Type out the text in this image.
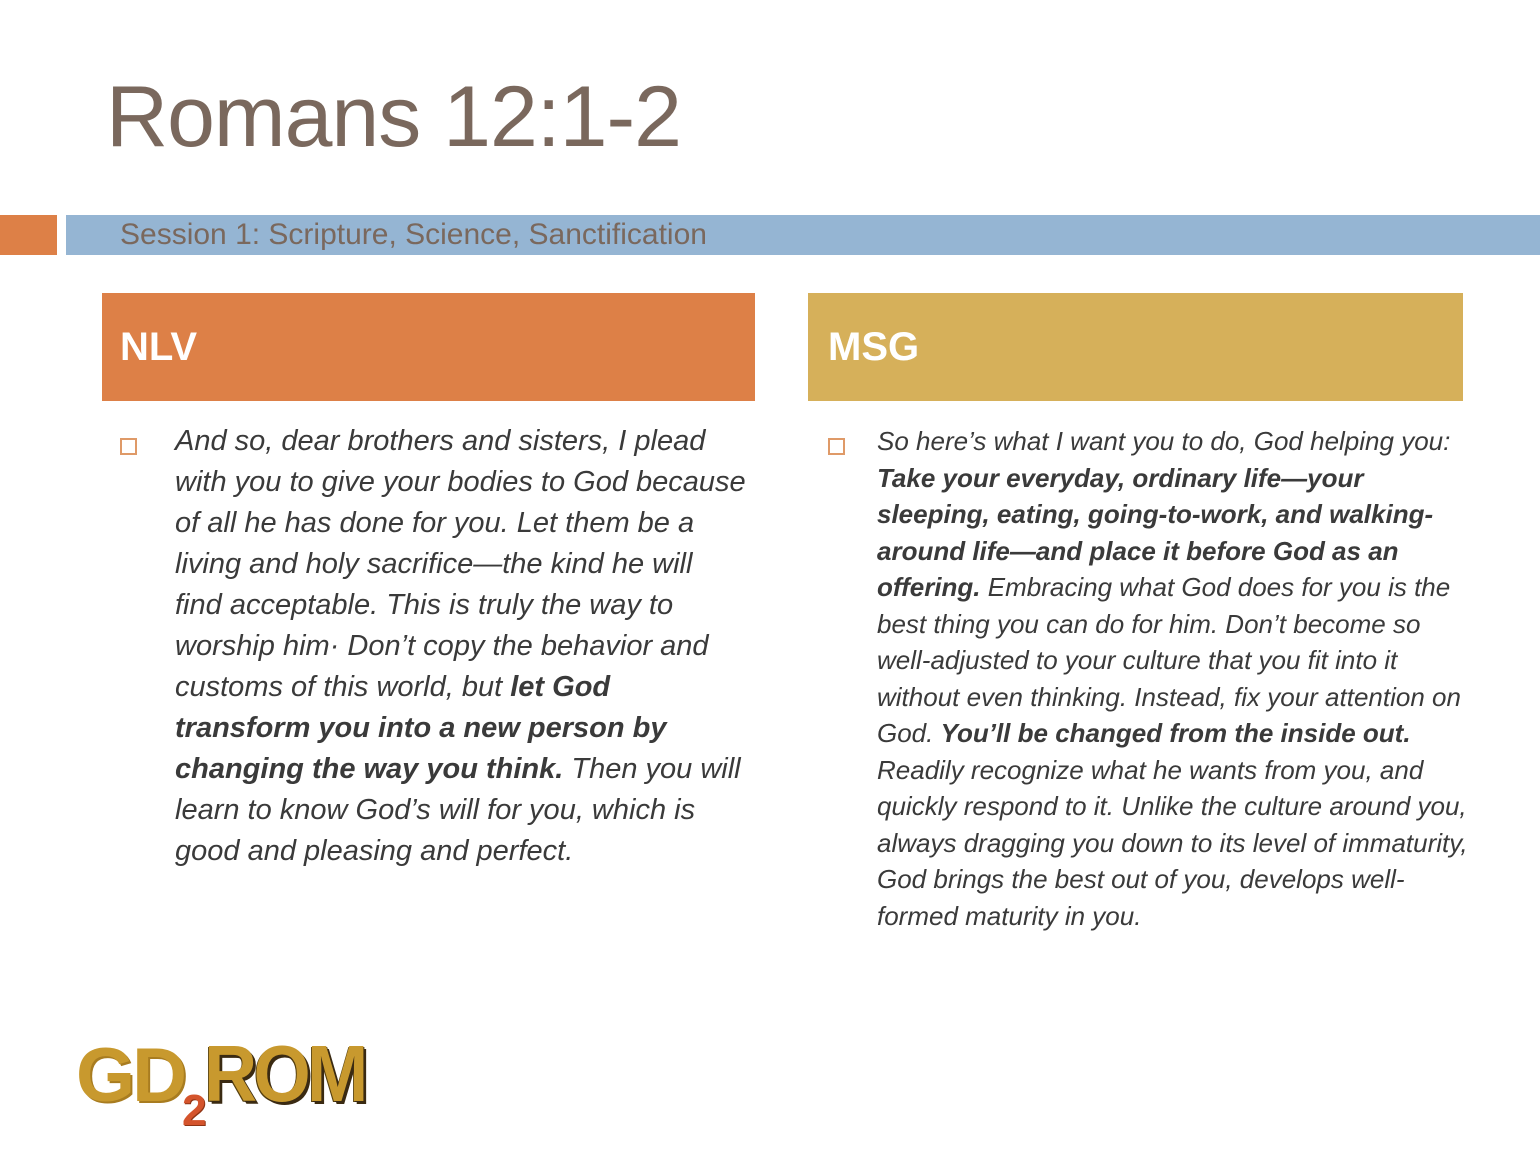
Romans 12:1-2
Session 1: Scripture, Science, Sanctification
NLV	MSG
And so, dear brothers and sisters, I plead with you to give your bodies to God because of all he has done for you. Let them be a living and holy sacrifice—the kind he will find acceptable. This is truly the way to worship him· Don’t copy the behavior and customs of this world, but let God transform you into a new person by changing the way you think. Then you will learn to know God’s will for you, which is good and pleasing and perfect.
So here’s what I want you to do, God helping you: Take your everyday, ordinary life—your sleeping, eating, going-to-work, and walking-around life—and place it before God as an offering. Embracing what God does for you is the best thing you can do for him. Don’t become so well-adjusted to your culture that you fit into it without even thinking. Instead, fix your attention on God. You’ll be changed from the inside out. Readily recognize what he wants from you, and quickly respond to it. Unlike the culture around you, always dragging you down to its level of immaturity, God brings the best out of you, develops well-formed maturity in you.
GD2ROM
